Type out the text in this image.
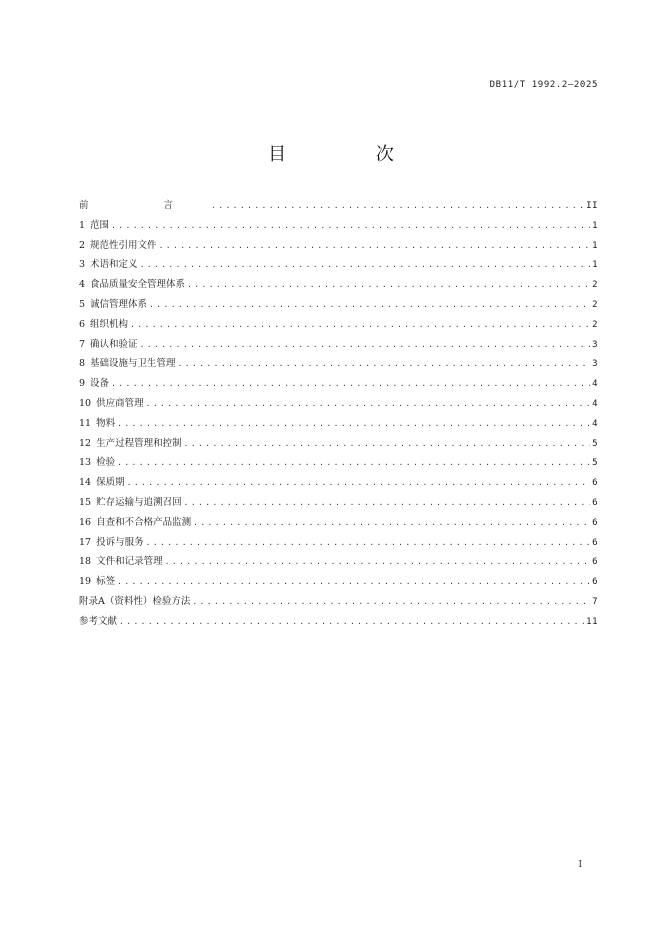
DB11/T 1992.2—2025
目 次
前 言 .....	II
1 范围 .....	1
2 规范性引用文件 .....	1
3 术语和定义 .....	1
4 食品质量安全管理体系 .....	2
5 诚信管理体系 .....	2
6 组织机构 .....	2
7 确认和验证 .....	3
8 基础设施与卫生管理 .....	3
9 设备 .....	4
10 供应商管理 .....	4
11 物料 .....	4
12 生产过程管理和控制 .....	5
13 检验 .....	5
14 保质期 .....	6
15 贮存运输与追溯召回 .....	6
16 自查和不合格产品监测 .....	6
17 投诉与服务 .....	6
18 文件和记录管理 .....	6
19 标签 .....	6
附录A（资料性）检验方法 .....	7
参考文献 .....	11
I
